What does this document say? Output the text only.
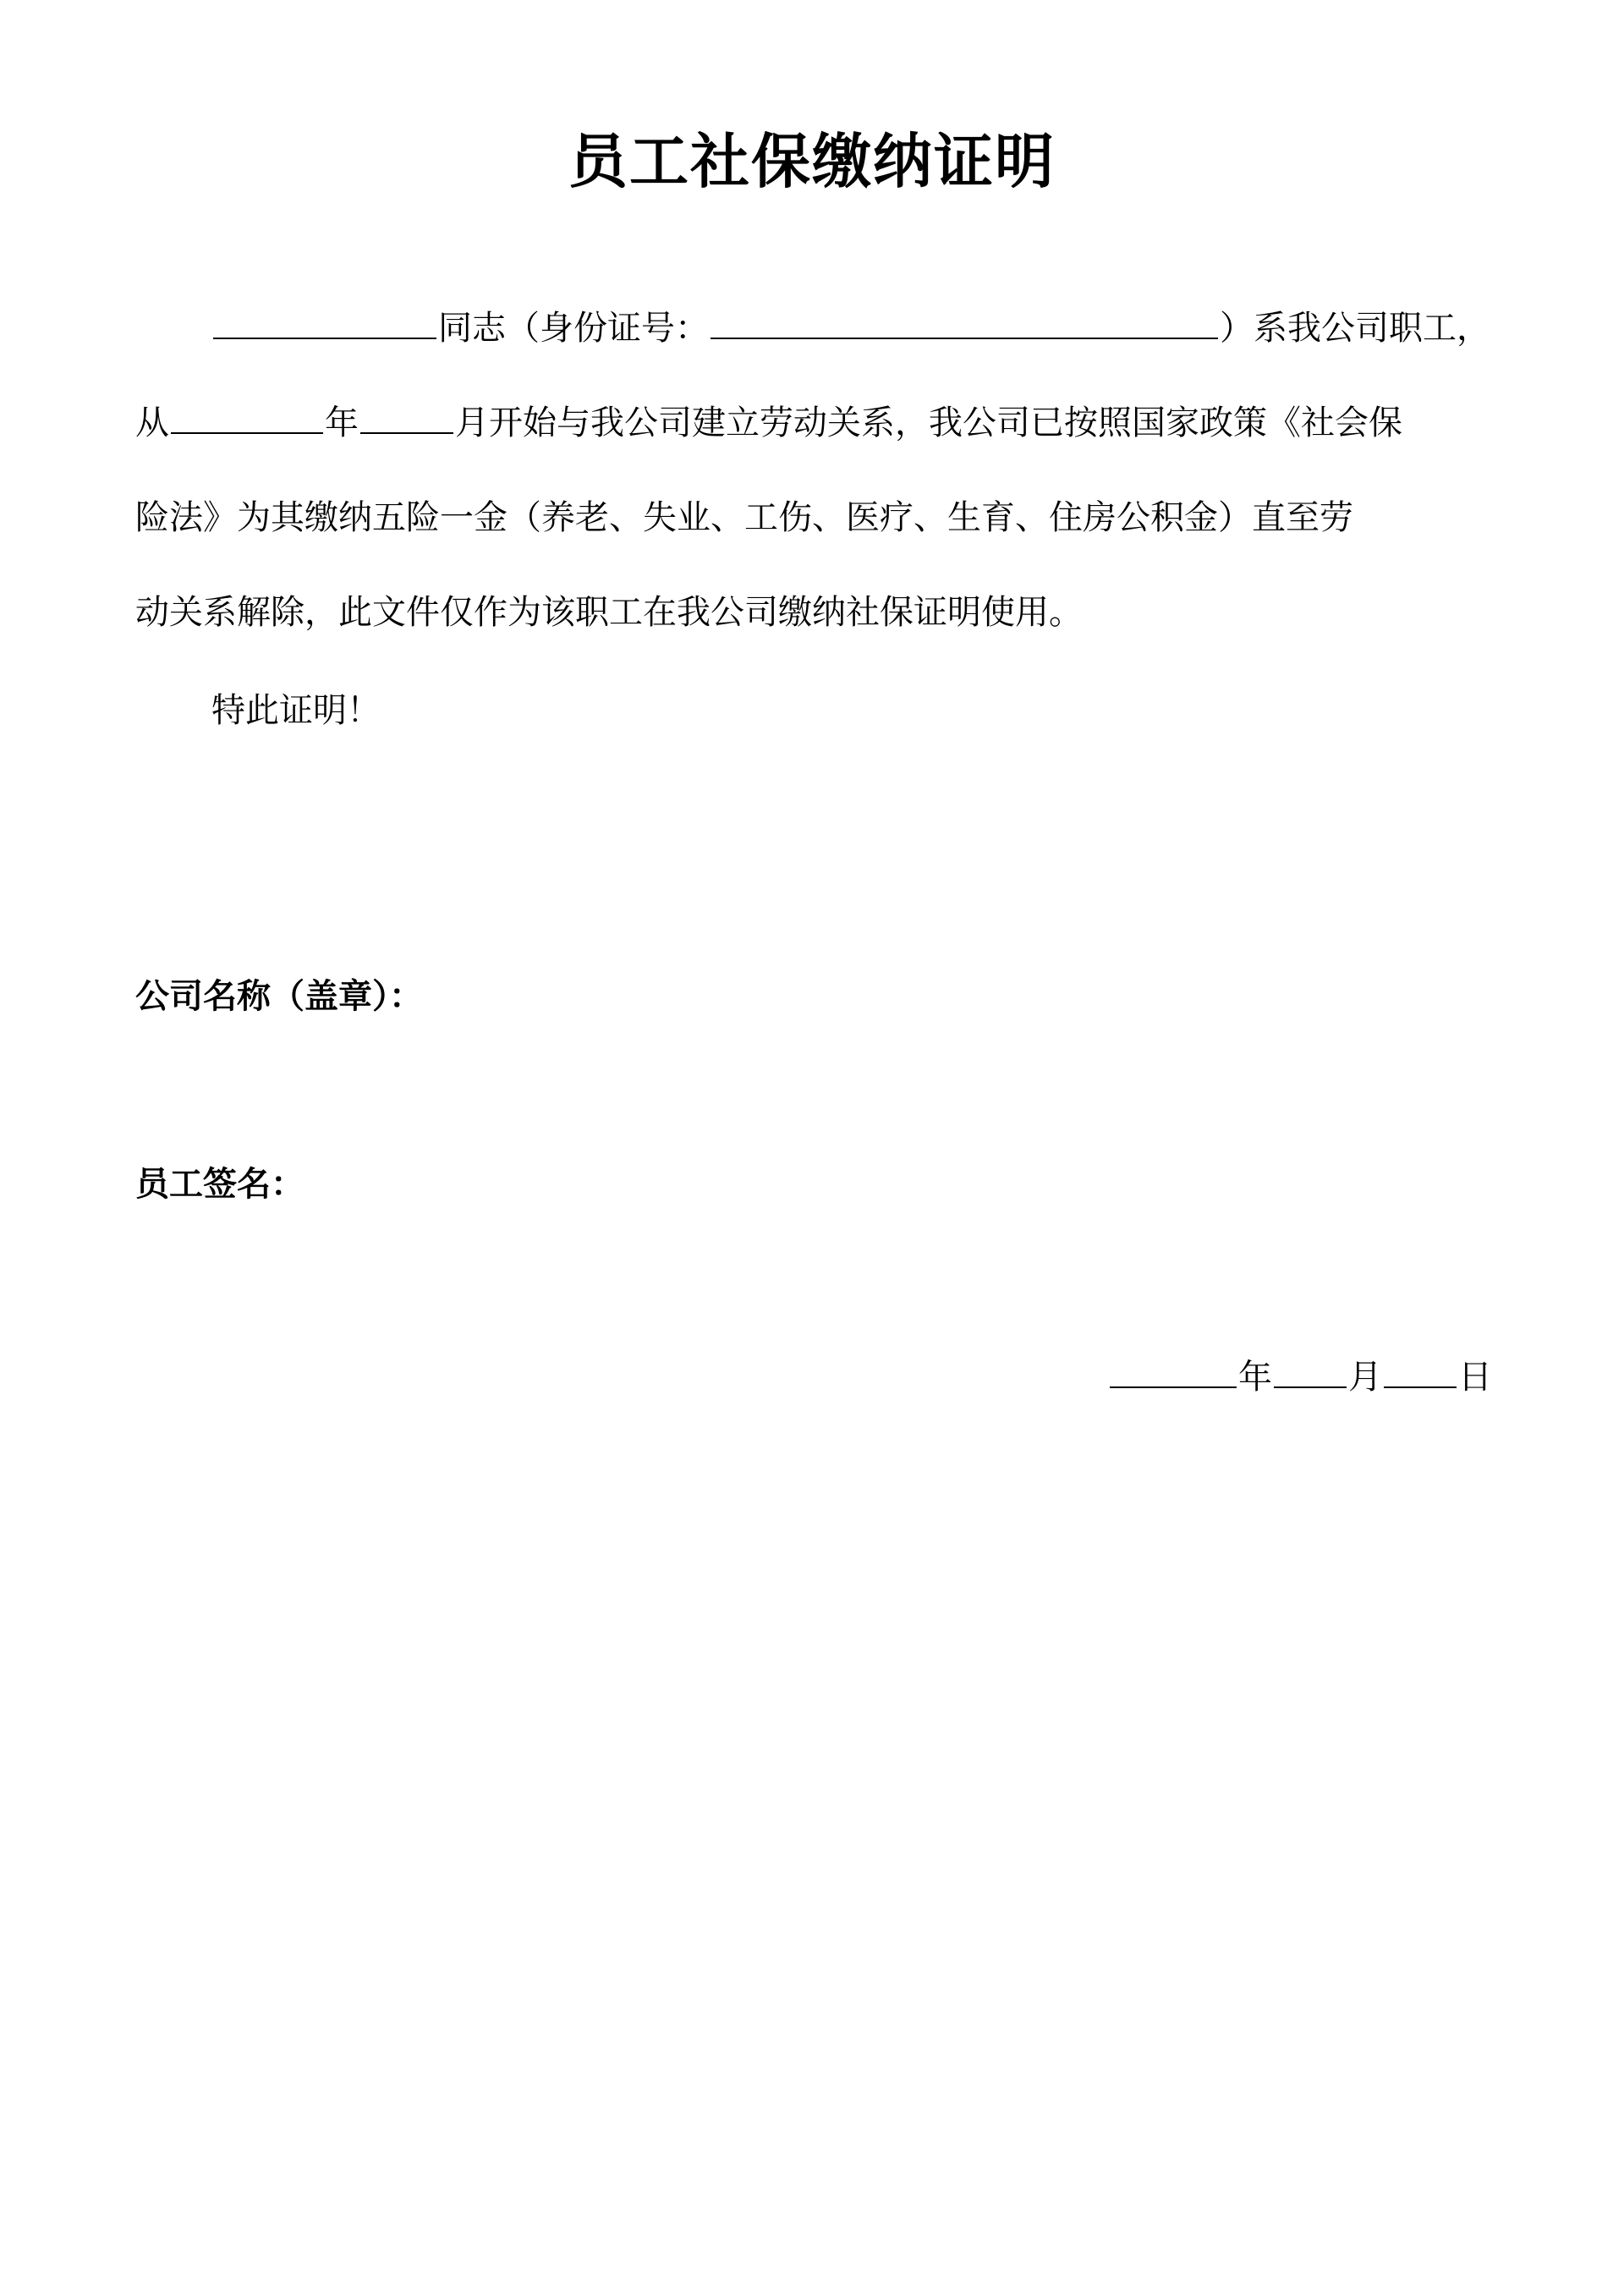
员工社保缴纳证明
同志（身份证号：	）系我公司职工，
从	年	月开始与我公司建立劳动关系，我公司已按照国家政策《社会保
险法》为其缴纳五险一金（养老、失业、工伤、医疗、生育、住房公积金）直至劳
动关系解除，此文件仅作为该职工在我公司缴纳社保证明使用。
特此证明！
公司名称（盖章）：
员工签名：
年 月 日
